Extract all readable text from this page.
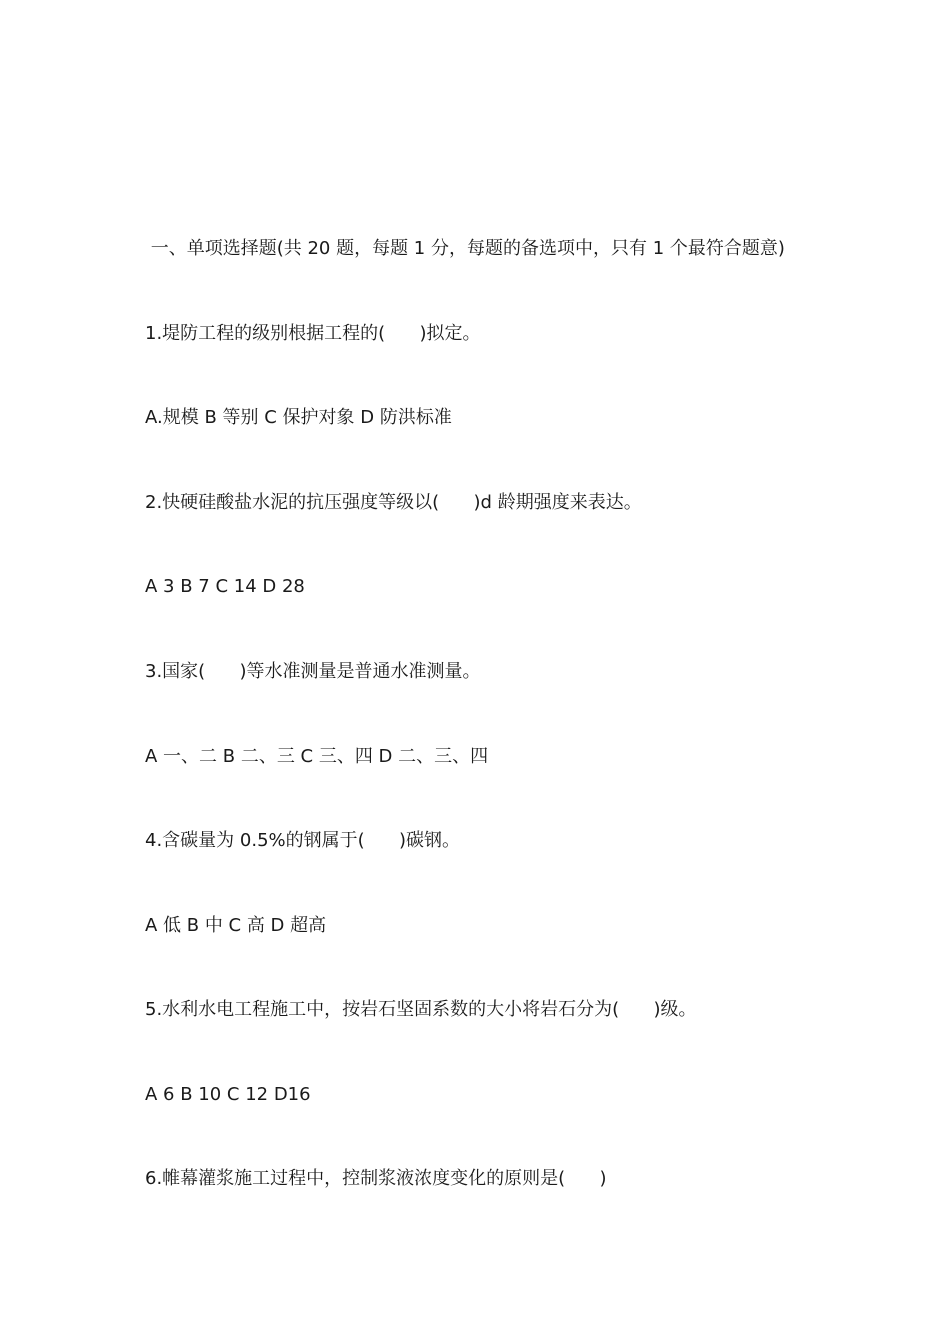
一、单项选择题(共 20 题，每题 1 分，每题的备选项中，只有 1 个最符合题意)
1.堤防工程的级别根据工程的(      )拟定。
A.规模 B 等别 C 保护对象 D 防洪标准
2.快硬硅酸盐水泥的抗压强度等级以(      )d 龄期强度来表达。
A 3 B 7 C 14 D 28
3.国家(      )等水准测量是普通水准测量。
A 一、二 B 二、三 C 三、四 D 二、三、四
4.含碳量为 0.5%的钢属于(      )碳钢。
A 低 B 中 C 高 D 超高
5.水利水电工程施工中，按岩石坚固系数的大小将岩石分为(      )级。
A 6 B 10 C 12 D16
6.帷幕灌浆施工过程中，控制浆液浓度变化的原则是(      )
